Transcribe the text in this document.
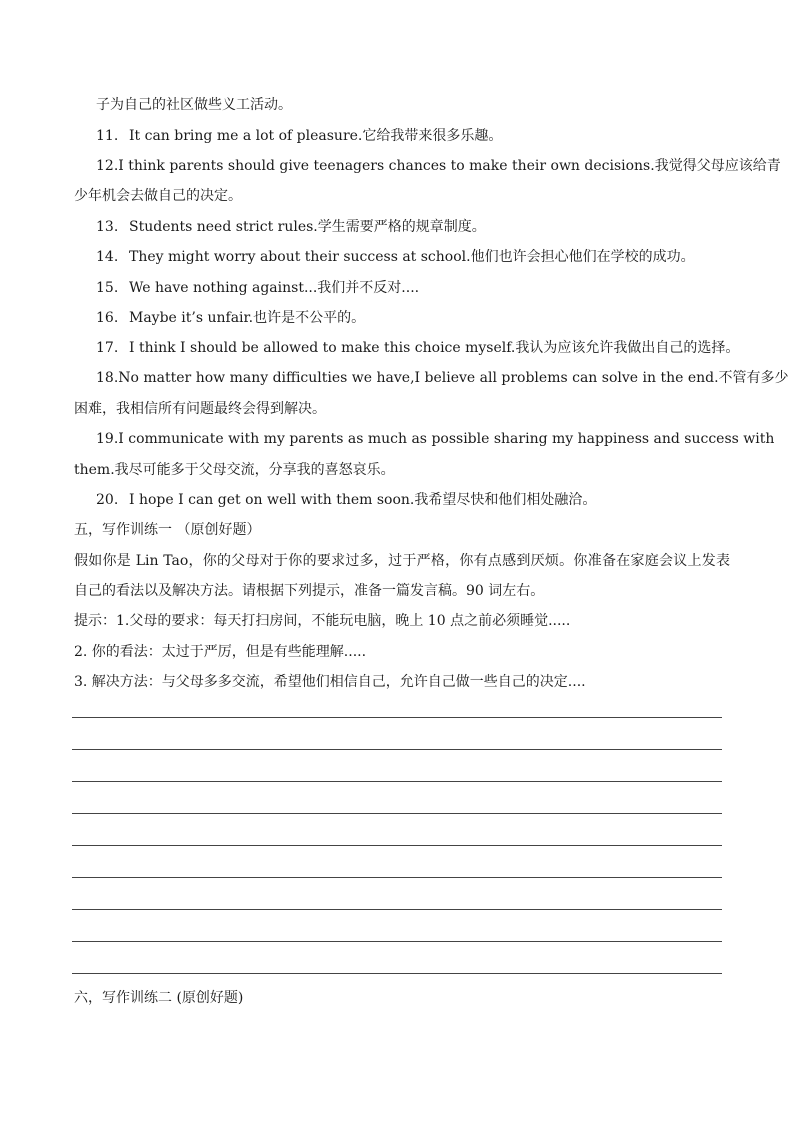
子为自己的社区做些义工活动。
11. It can bring me a lot of pleasure.它给我带来很多乐趣。
12. I think parents should give teenagers chances to make their own decisions.我觉得父母应该给青
少年机会去做自己的决定。
13. Students need strict rules.学生需要严格的规章制度。
14. They might worry about their success at school.他们也许会担心他们在学校的成功。
15. We have nothing against...我们并不反对....
16. Maybe it’s unfair.也许是不公平的。
17. I think I should be allowed to make this choice myself.我认为应该允许我做出自己的选择。
18. No matter how many difficulties we have,I believe all problems can solve in the end.不管有多少
困难，我相信所有问题最终会得到解决。
19. I communicate with my parents as much as possible sharing my happiness and success with
them.我尽可能多于父母交流，分享我的喜怒哀乐。
20. I hope I can get on well with them soon.我希望尽快和他们相处融洽。
五，写作训练一 （原创好题）
假如你是 Lin Tao，你的父母对于你的要求过多，过于严格，你有点感到厌烦。你准备在家庭会议上发表
自己的看法以及解决方法。请根据下列提示，准备一篇发言稿。90 词左右。
提示：1.父母的要求：每天打扫房间，不能玩电脑，晚上 10 点之前必须睡觉.....
2. 你的看法：太过于严厉，但是有些能理解.....
3. 解决方法：与父母多多交流，希望他们相信自己，允许自己做一些自己的决定....
六，写作训练二 (原创好题)
